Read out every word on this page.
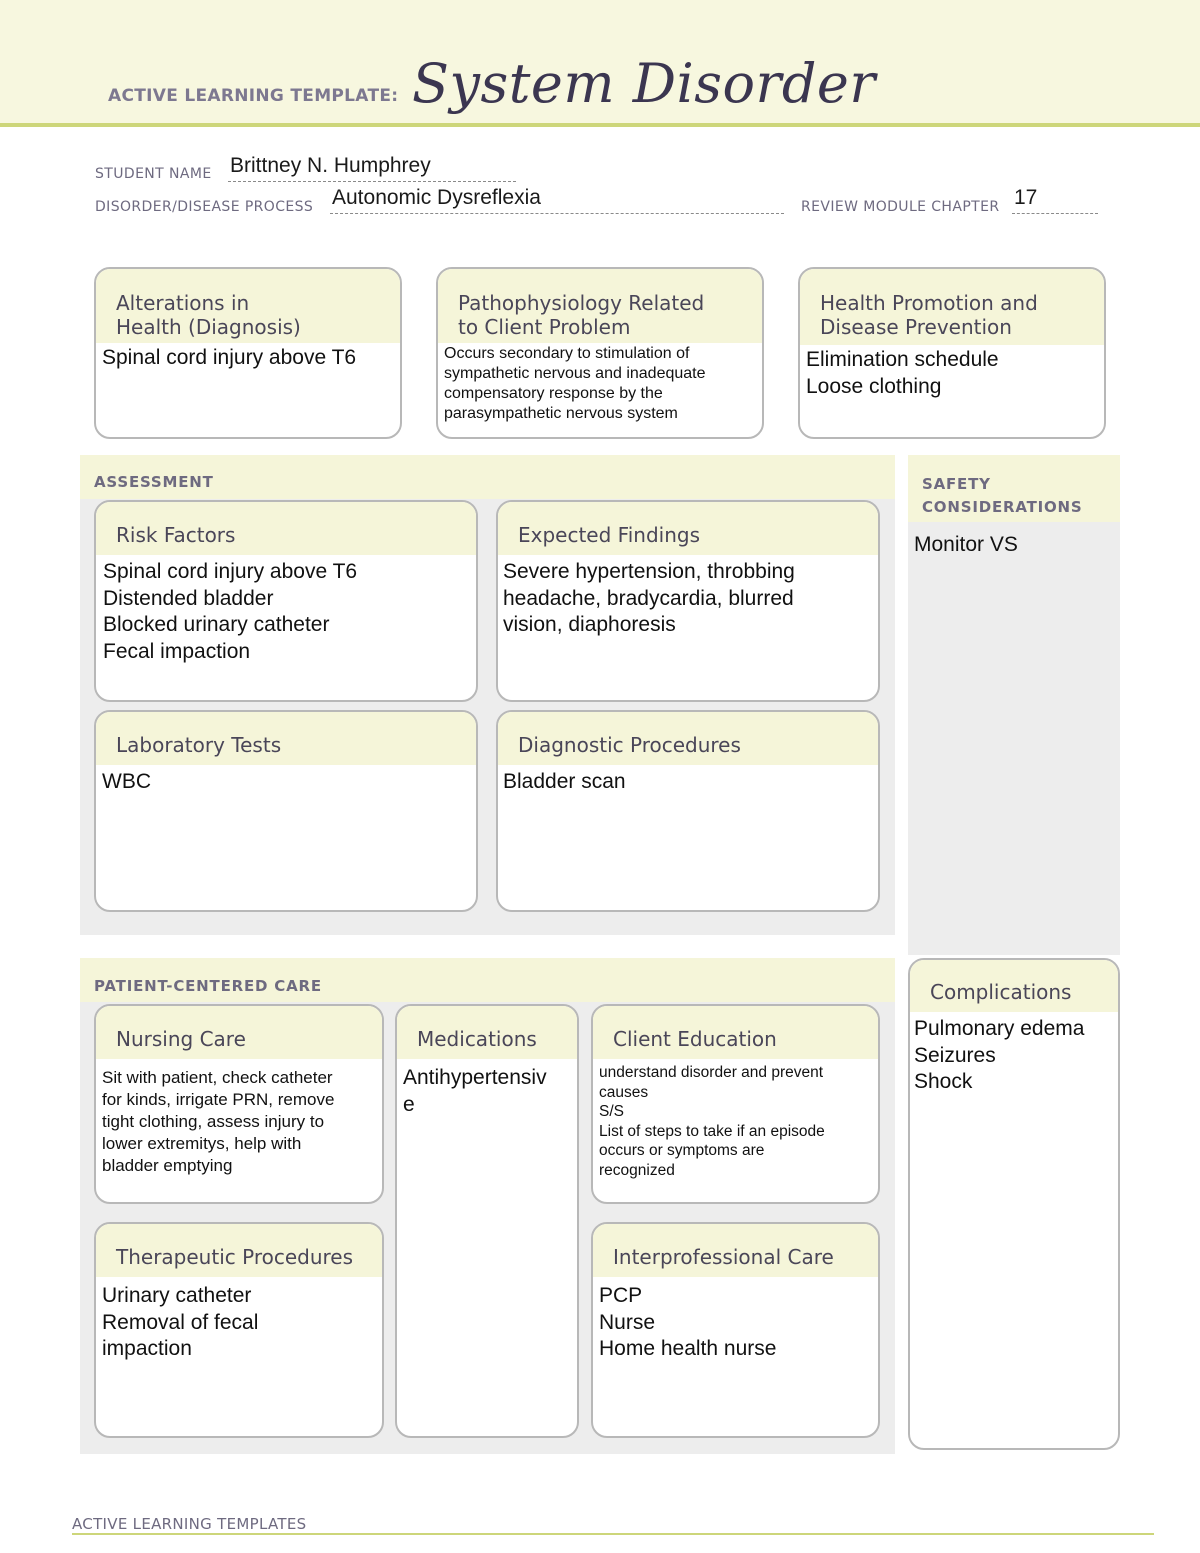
ACTIVE LEARNING TEMPLATE: System Disorder
STUDENT NAME Brittney N. Humphrey
DISORDER/DISEASE PROCESS Autonomic Dysreflexia	REVIEW MODULE CHAPTER 17
Alterations in
Health (Diagnosis)
Spinal cord injury above T6
Pathophysiology Related
to Client Problem
Occurs secondary to stimulation of
sympathetic nervous and inadequate
compensatory response by the
parasympathetic nervous system
Health Promotion and
Disease Prevention
Elimination schedule
Loose clothing
ASSESSMENT
Risk Factors
Spinal cord injury above T6
Distended bladder
Blocked urinary catheter
Fecal impaction
Expected Findings
Severe hypertension, throbbing
headache, bradycardia, blurred
vision, diaphoresis
Laboratory Tests
WBC
Diagnostic Procedures
Bladder scan
SAFETY
CONSIDERATIONS
Monitor VS
PATIENT-CENTERED CARE
Nursing Care
Sit with patient, check catheter
for kinds, irrigate PRN, remove
tight clothing, assess injury to
lower extremitys, help with
bladder emptying
Medications
Antihypertensiv
e
Client Education
understand disorder and prevent
causes
S/S
List of steps to take if an episode
occurs or symptoms are
recognized
Therapeutic Procedures
Urinary catheter
Removal of fecal
impaction
Interprofessional Care
PCP
Nurse
Home health nurse
Complications
Pulmonary edema
Seizures
Shock
ACTIVE LEARNING TEMPLATES
